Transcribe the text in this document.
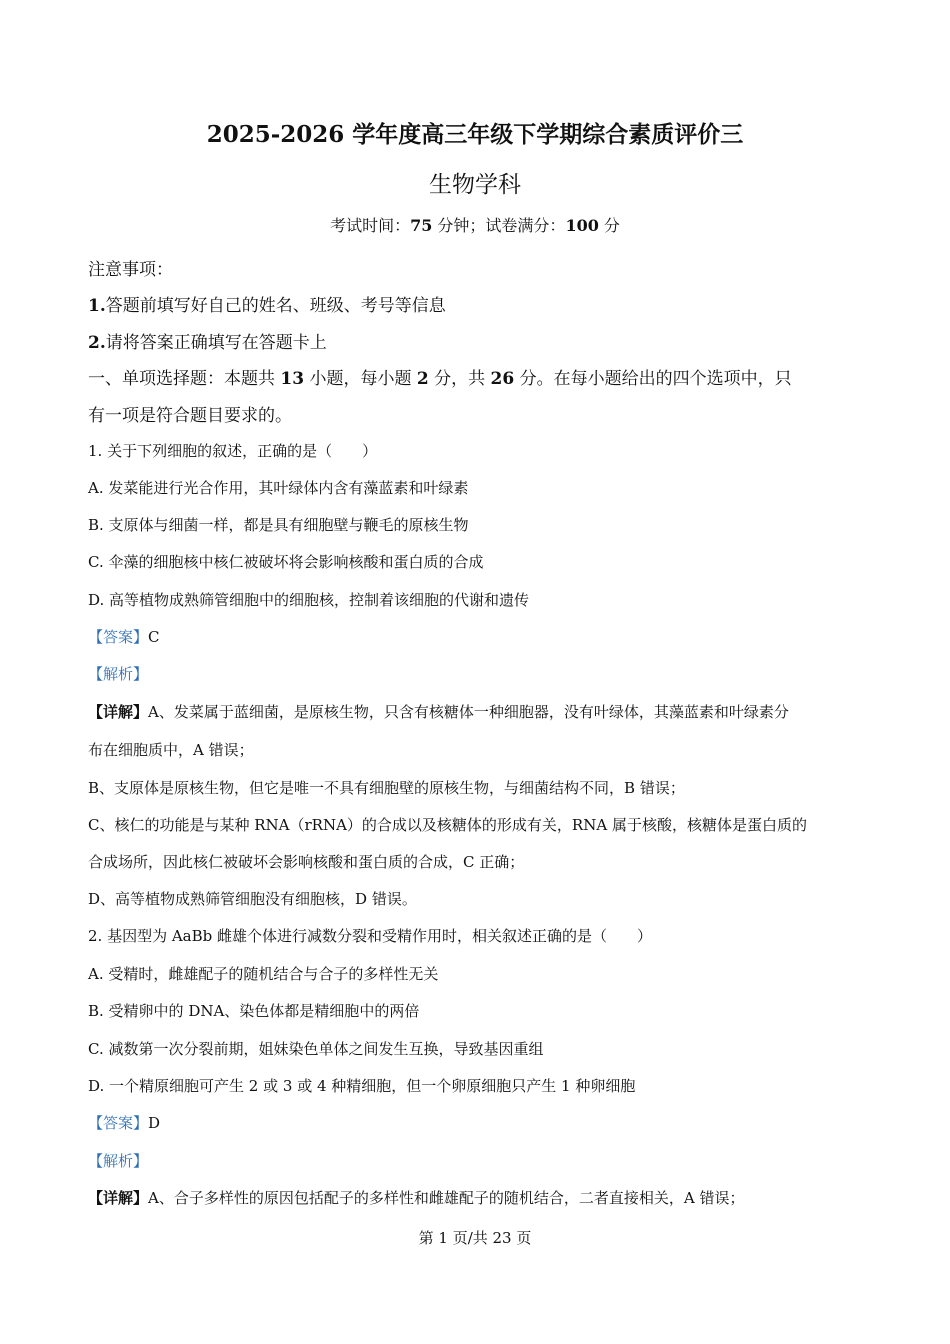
2025-2026 学年度高三年级下学期综合素质评价三
生物学科
考试时间：75 分钟；试卷满分：100 分
注意事项：
1.答题前填写好自己的姓名、班级、考号等信息
2.请将答案正确填写在答题卡上
一、单项选择题：本题共 13 小题，每小题 2 分，共 26 分。在每小题给出的四个选项中，只
有一项是符合题目要求的。
1. 关于下列细胞的叙述，正确的是（　　）
A. 发菜能进行光合作用，其叶绿体内含有藻蓝素和叶绿素
B. 支原体与细菌一样，都是具有细胞壁与鞭毛的原核生物
C. 伞藻的细胞核中核仁被破坏将会影响核酸和蛋白质的合成
D. 高等植物成熟筛管细胞中的细胞核，控制着该细胞的代谢和遗传
【答案】C
【解析】
【详解】A、发菜属于蓝细菌，是原核生物，只含有核糖体一种细胞器，没有叶绿体，其藻蓝素和叶绿素分
布在细胞质中，A 错误；
B、支原体是原核生物，但它是唯一不具有细胞壁的原核生物，与细菌结构不同，B 错误；
C、核仁的功能是与某种 RNA（rRNA）的合成以及核糖体的形成有关，RNA 属于核酸，核糖体是蛋白质的
合成场所，因此核仁被破坏会影响核酸和蛋白质的合成，C 正确；
D、高等植物成熟筛管细胞没有细胞核，D 错误。
2. 基因型为 AaBb 雌雄个体进行减数分裂和受精作用时，相关叙述正确的是（　　）
A. 受精时，雌雄配子的随机结合与合子的多样性无关
B. 受精卵中的 DNA、染色体都是精细胞中的两倍
C. 减数第一次分裂前期，姐妹染色单体之间发生互换，导致基因重组
D. 一个精原细胞可产生 2 或 3 或 4 种精细胞，但一个卵原细胞只产生 1 种卵细胞
【答案】D
【解析】
【详解】A、合子多样性的原因包括配子的多样性和雌雄配子的随机结合，二者直接相关，A 错误；
第 1 页/共 23 页
